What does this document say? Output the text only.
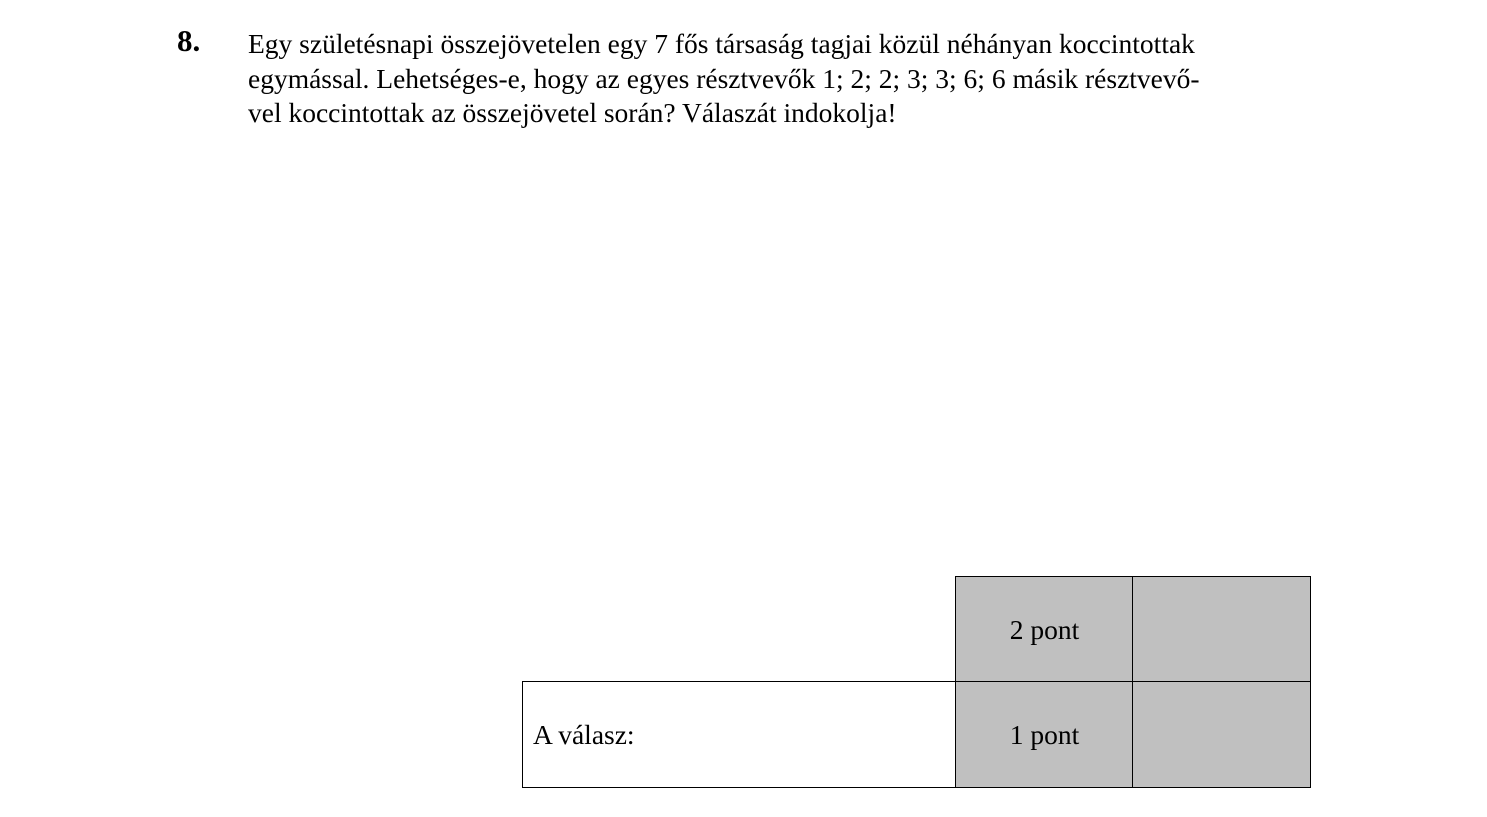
8. Egy születésnapi összejövetelen egy 7 fős társaság tagjai közül néhányan koccintottak
egymással. Lehetséges-e, hogy az egyes résztvevők 1; 2; 2; 3; 3; 6; 6 másik résztvevő-
vel koccintottak az összejövetel során? Válaszát indokolja!
2 pont
A válasz:	1 pont
